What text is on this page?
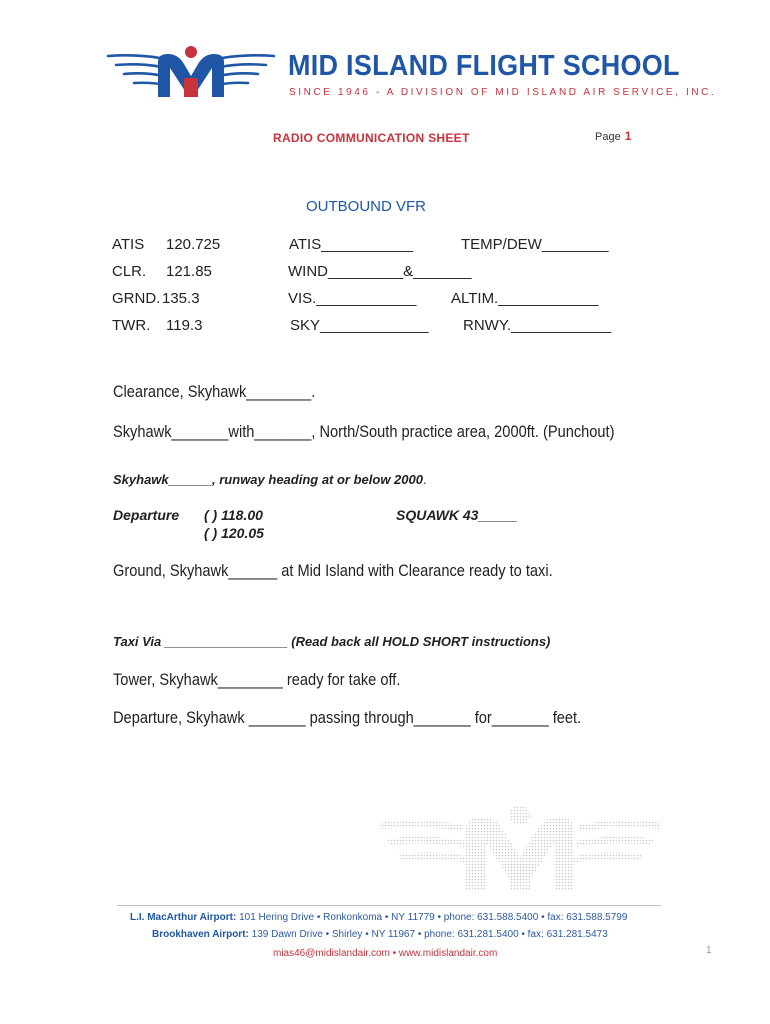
MID ISLAND FLIGHT SCHOOL
SINCE 1946 - A DIVISION OF MID ISLAND AIR SERVICE, INC.
RADIO COMMUNICATION SHEET	Page 1
OUTBOUND VFR
ATIS 120.725
CLR. 121.85
GRND. 135.3
TWR. 119.3
ATIS___________
WIND_________&_______
VIS.____________
SKY_____________
TEMP/DEW________
ALTIM.____________
RNWY.____________
Clearance, Skyhawk________.
Skyhawk_______with_______, North/South practice area, 2000ft. (Punchout)
Skyhawk______, runway heading at or below 2000.
Departure ( ) 118.00
( ) 120.05
SQUAWK 43_____
Ground, Skyhawk______ at Mid Island with Clearance ready to taxi.
Taxi Via _________________ (Read back all HOLD SHORT instructions)
Tower, Skyhawk________ ready for take off.
Departure, Skyhawk _______ passing through_______ for_______ feet.
L.I. MacArthur Airport: 101 Hering Drive • Ronkonkoma • NY 11779 • phone: 631.588.5400 • fax: 631.588.5799
Brookhaven Airport: 139 Dawn Drive • Shirley • NY 11967 • phone: 631.281.5400 • fax: 631.281.5473
mias46@midislandair.com • www.midislandair.com	1
